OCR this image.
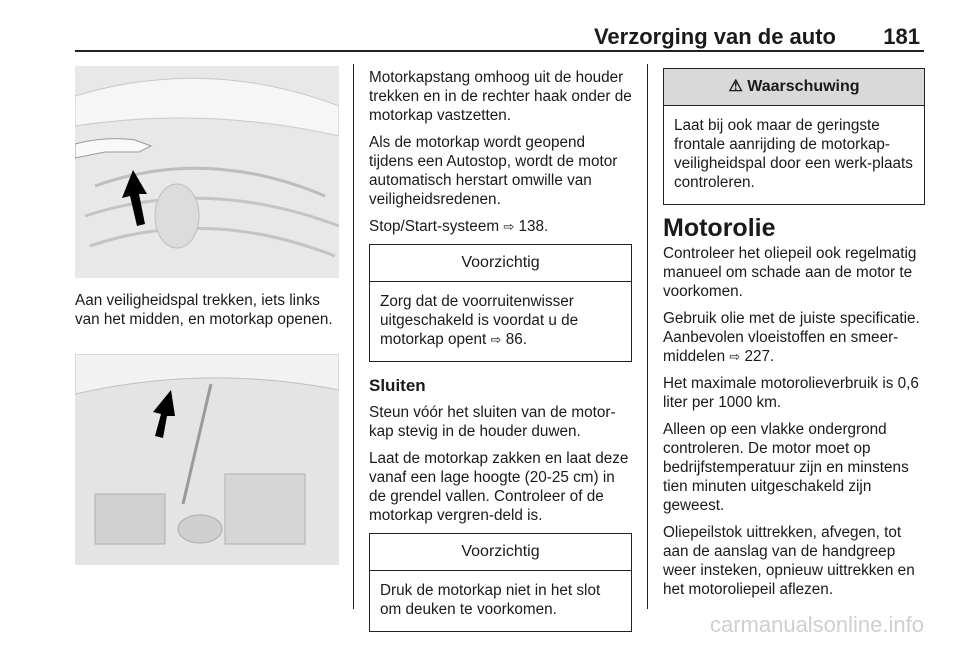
Verzorging van de auto 181

Aan veiligheidspal trekken, iets links van het midden, en motorkap openen.

Motorkapstang omhoog uit de houder trekken en in de rechter haak onder de motorkap vastzetten.

Als de motorkap wordt geopend tijdens een Autostop, wordt de motor automatisch herstart omwille van veiligheidsredenen.

Stop/Start-systeem ⇨ 138.

Voorzichtig
Zorg dat de voorruitenwisser uitgeschakeld is voordat u de motorkap opent ⇨ 86.
Sluiten

Steun vóór het sluiten van de motor-kap stevig in de houder duwen.

Laat de motorkap zakken en laat deze vanaf een lage hoogte (20-25 cm) in de grendel vallen. Controleer of de motorkap vergren-deld is.

Voorzichtig
Druk de motorkap niet in het slot om deuken te voorkomen.
⚠ Waarschuwing
Laat bij ook maar de geringste frontale aanrijding de motorkap-veiligheidspal door een werk-plaats controleren.
Motorolie

Controleer het oliepeil ook regelmatig manueel om schade aan de motor te voorkomen.

Gebruik olie met de juiste specificatie. Aanbevolen vloeistoffen en smeer-middelen ⇨ 227.

Het maximale motorolieverbruik is 0,6 liter per 1000 km.

Alleen op een vlakke ondergrond controleren. De motor moet op bedrijfstemperatuur zijn en minstens tien minuten uitgeschakeld zijn geweest.

Oliepeilstok uittrekken, afvegen, tot aan de aanslag van de handgreep weer insteken, opnieuw uittrekken en het motoroliepeil aflezen.

carmanualsonline.info
